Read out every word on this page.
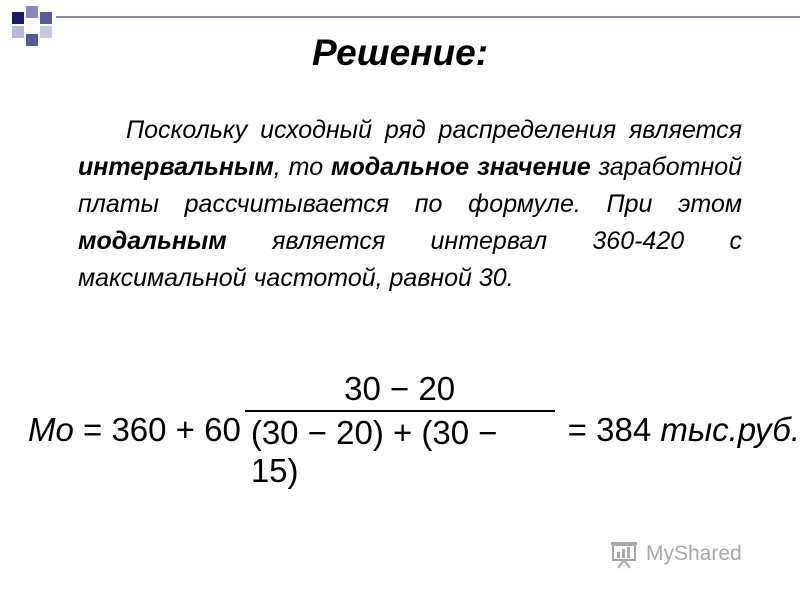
Решение:
Поскольку исходный ряд распределения является интервальным, то модальное значение заработной платы рассчитывается по формуле. При этом модальным является интервал 360-420 с максимальной частотой, равной 30.
$Mo = 360 + 60 \frac{30 - 20}{(30 - 20) + (30 - 15)} = 384$ тыс.руб.
MyShared
